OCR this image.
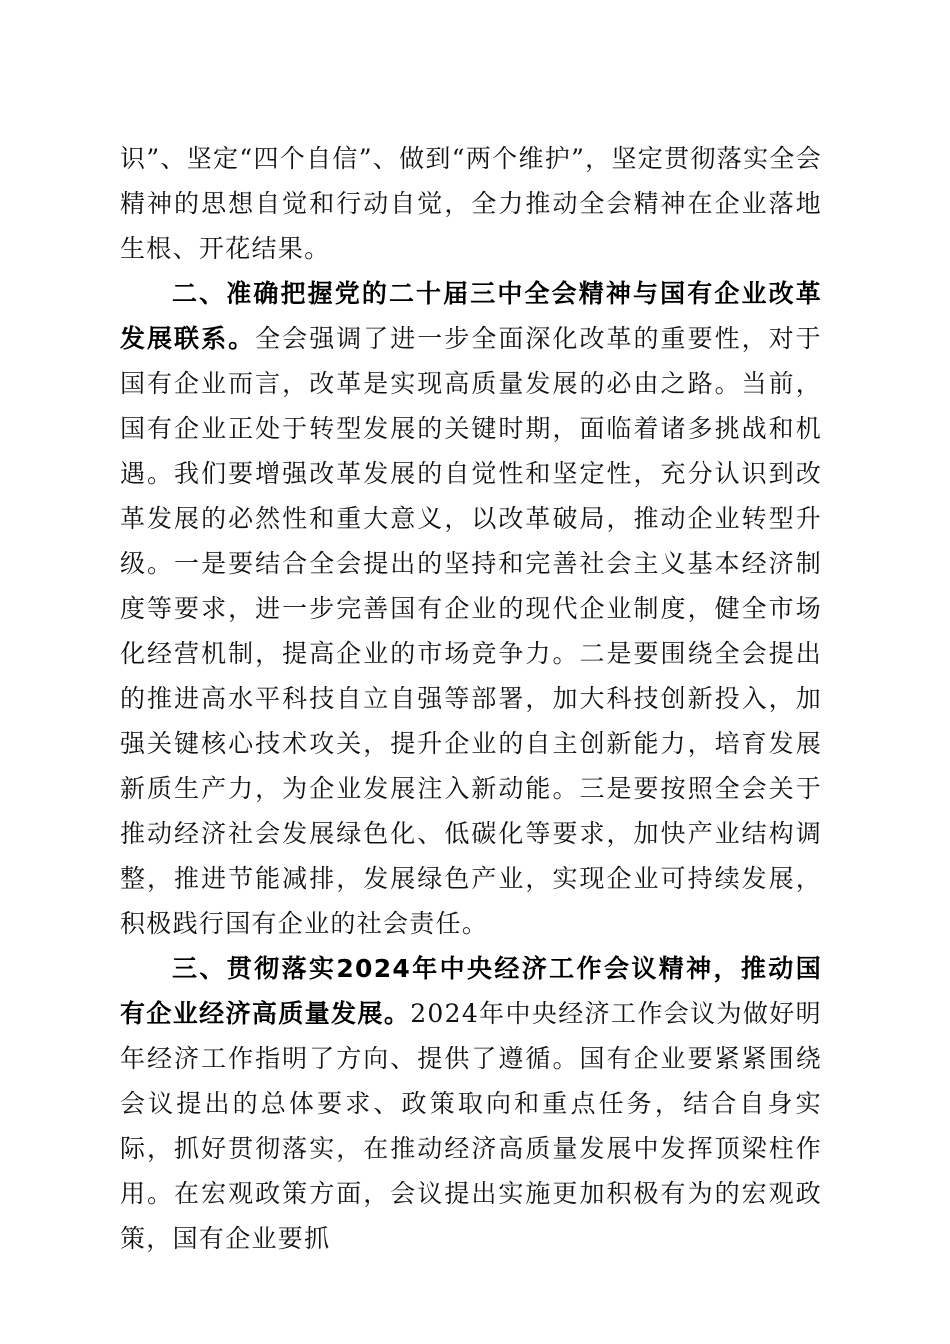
识”、坚定“四个自信”、做到“两个维护”，坚定贯彻落实全会精神的思想自觉和行动自觉，全力推动全会精神在企业落地生根、开花结果。

二、准确把握党的二十届三中全会精神与国有企业改革发展联系。全会强调了进一步全面深化改革的重要性，对于国有企业而言，改革是实现高质量发展的必由之路。当前，国有企业正处于转型发展的关键时期，面临着诸多挑战和机遇。我们要增强改革发展的自觉性和坚定性，充分认识到改革发展的必然性和重大意义，以改革破局，推动企业转型升级。一是要结合全会提出的坚持和完善社会主义基本经济制度等要求，进一步完善国有企业的现代企业制度，健全市场化经营机制，提高企业的市场竞争力。二是要围绕全会提出的推进高水平科技自立自强等部署，加大科技创新投入，加强关键核心技术攻关，提升企业的自主创新能力，培育发展新质生产力，为企业发展注入新动能。三是要按照全会关于推动经济社会发展绿色化、低碳化等要求，加快产业结构调整，推进节能减排，发展绿色产业，实现企业可持续发展，积极践行国有企业的社会责任。

三、贯彻落实2024年中央经济工作会议精神，推动国有企业经济高质量发展。2024年中央经济工作会议为做好明年经济工作指明了方向、提供了遵循。国有企业要紧紧围绕会议提出的总体要求、政策取向和重点任务，结合自身实际，抓好贯彻落实，在推动经济高质量发展中发挥顶梁柱作用。在宏观政策方面，会议提出实施更加积极有为的宏观政策，国有企业要抓
